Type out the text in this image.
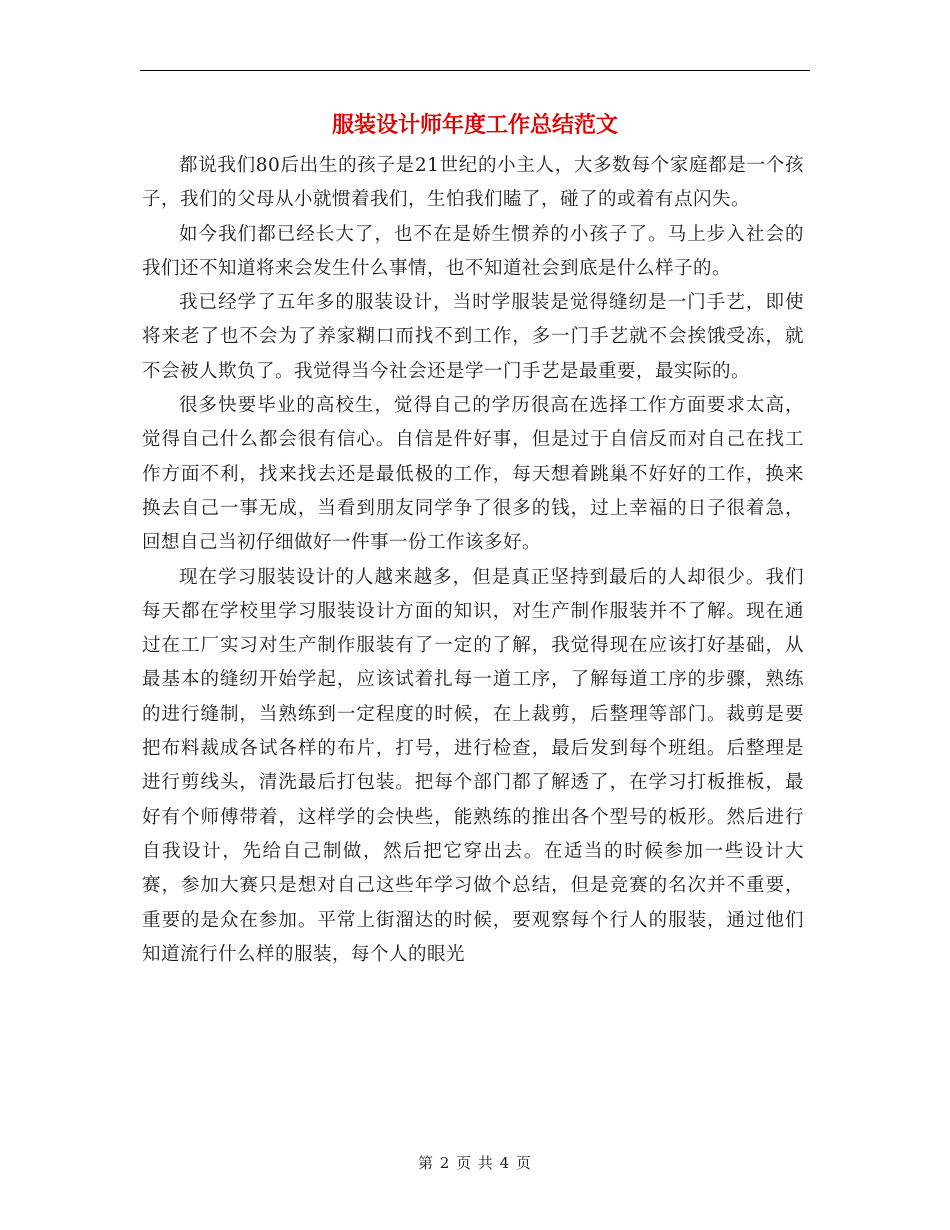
服装设计师年度工作总结范文

都说我们80后出生的孩子是21世纪的小主人，大多数每个家庭都是一个孩子，我们的父母从小就惯着我们，生怕我们瞌了，碰了的或着有点闪失。

如今我们都已经长大了，也不在是娇生惯养的小孩子了。马上步入社会的我们还不知道将来会发生什么事情，也不知道社会到底是什么样子的。

我已经学了五年多的服装设计，当时学服装是觉得缝纫是一门手艺，即使将来老了也不会为了养家糊口而找不到工作，多一门手艺就不会挨饿受冻，就不会被人欺负了。我觉得当今社会还是学一门手艺是最重要，最实际的。

很多快要毕业的高校生，觉得自己的学历很高在选择工作方面要求太高，觉得自己什么都会很有信心。自信是件好事，但是过于自信反而对自己在找工作方面不利，找来找去还是最低极的工作，每天想着跳巢不好好的工作，换来换去自己一事无成，当看到朋友同学争了很多的钱，过上幸福的日子很着急，回想自己当初仔细做好一件事一份工作该多好。

现在学习服装设计的人越来越多，但是真正坚持到最后的人却很少。我们每天都在学校里学习服装设计方面的知识，对生产制作服装并不了解。现在通过在工厂实习对生产制作服装有了一定的了解，我觉得现在应该打好基础，从最基本的缝纫开始学起，应该试着扎每一道工序，了解每道工序的步骤，熟练的进行缝制，当熟练到一定程度的时候，在上裁剪，后整理等部门。裁剪是要把布料裁成各试各样的布片，打号，进行检查，最后发到每个班组。后整理是进行剪线头，清洗最后打包装。把每个部门都了解透了，在学习打板推板，最好有个师傅带着，这样学的会快些，能熟练的推出各个型号的板形。然后进行自我设计，先给自己制做，然后把它穿出去。在适当的时候参加一些设计大赛，参加大赛只是想对自己这些年学习做个总结，但是竞赛的名次并不重要，重要的是众在参加。平常上街溜达的时候，要观察每个行人的服装，通过他们知道流行什么样的服装，每个人的眼光

第 2 页 共 4 页
